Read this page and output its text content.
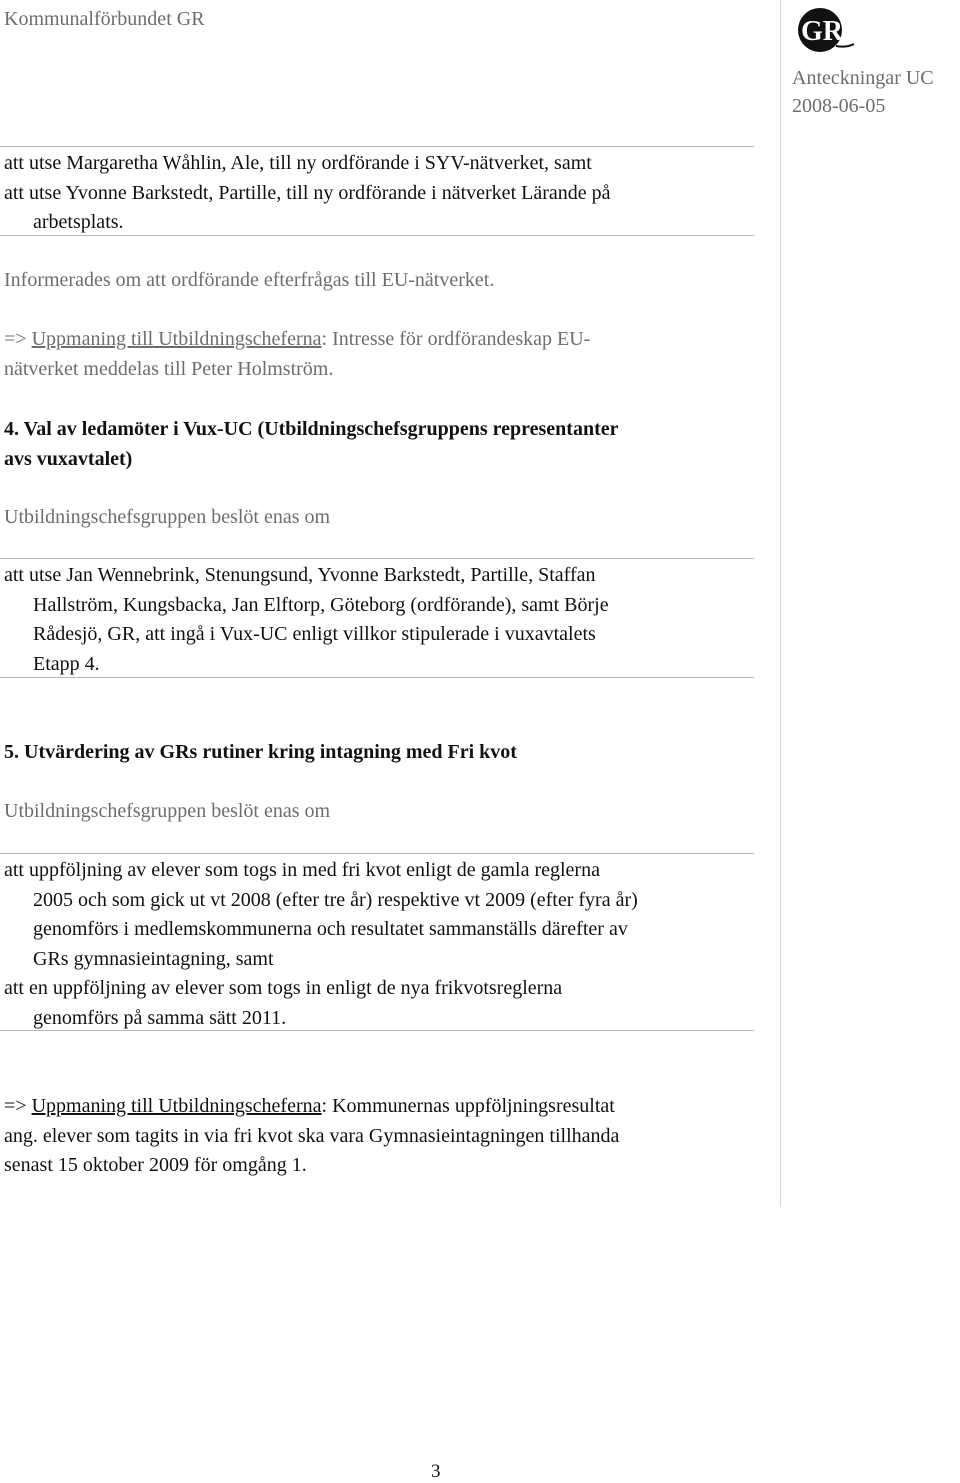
Kommunalförbundet GR	GR
Anteckningar UC
2008-06-05
att utse Margaretha Wåhlin, Ale, till ny ordförande i SYV-nätverket, samt
att utse Yvonne Barkstedt, Partille, till ny ordförande i nätverket Lärande på
arbetsplats.
Informerades om att ordförande efterfrågas till EU-nätverket.
=> Uppmaning till Utbildningscheferna: Intresse för ordförandeskap EU-
nätverket meddelas till Peter Holmström.
4. Val av ledamöter i Vux-UC (Utbildningschefsgruppens representanter
avs vuxavtalet)
Utbildningschefsgruppen beslöt enas om
att utse Jan Wennebrink, Stenungsund, Yvonne Barkstedt, Partille, Staffan
Hallström, Kungsbacka, Jan Elftorp, Göteborg (ordförande), samt Börje
Rådesjö, GR, att ingå i Vux-UC enligt villkor stipulerade i vuxavtalets
Etapp 4.
5. Utvärdering av GRs rutiner kring intagning med Fri kvot
Utbildningschefsgruppen beslöt enas om
att uppföljning av elever som togs in med fri kvot enligt de gamla reglerna
2005 och som gick ut vt 2008 (efter tre år) respektive vt 2009 (efter fyra år)
genomförs i medlemskommunerna och resultatet sammanställs därefter av
GRs gymnasieintagning, samt
att en uppföljning av elever som togs in enligt de nya frikvotsreglerna
genomförs på samma sätt 2011.
=> Uppmaning till Utbildningscheferna: Kommunernas uppföljningsresultat
ang. elever som tagits in via fri kvot ska vara Gymnasieintagningen tillhanda
senast 15 oktober 2009 för omgång 1.
3
